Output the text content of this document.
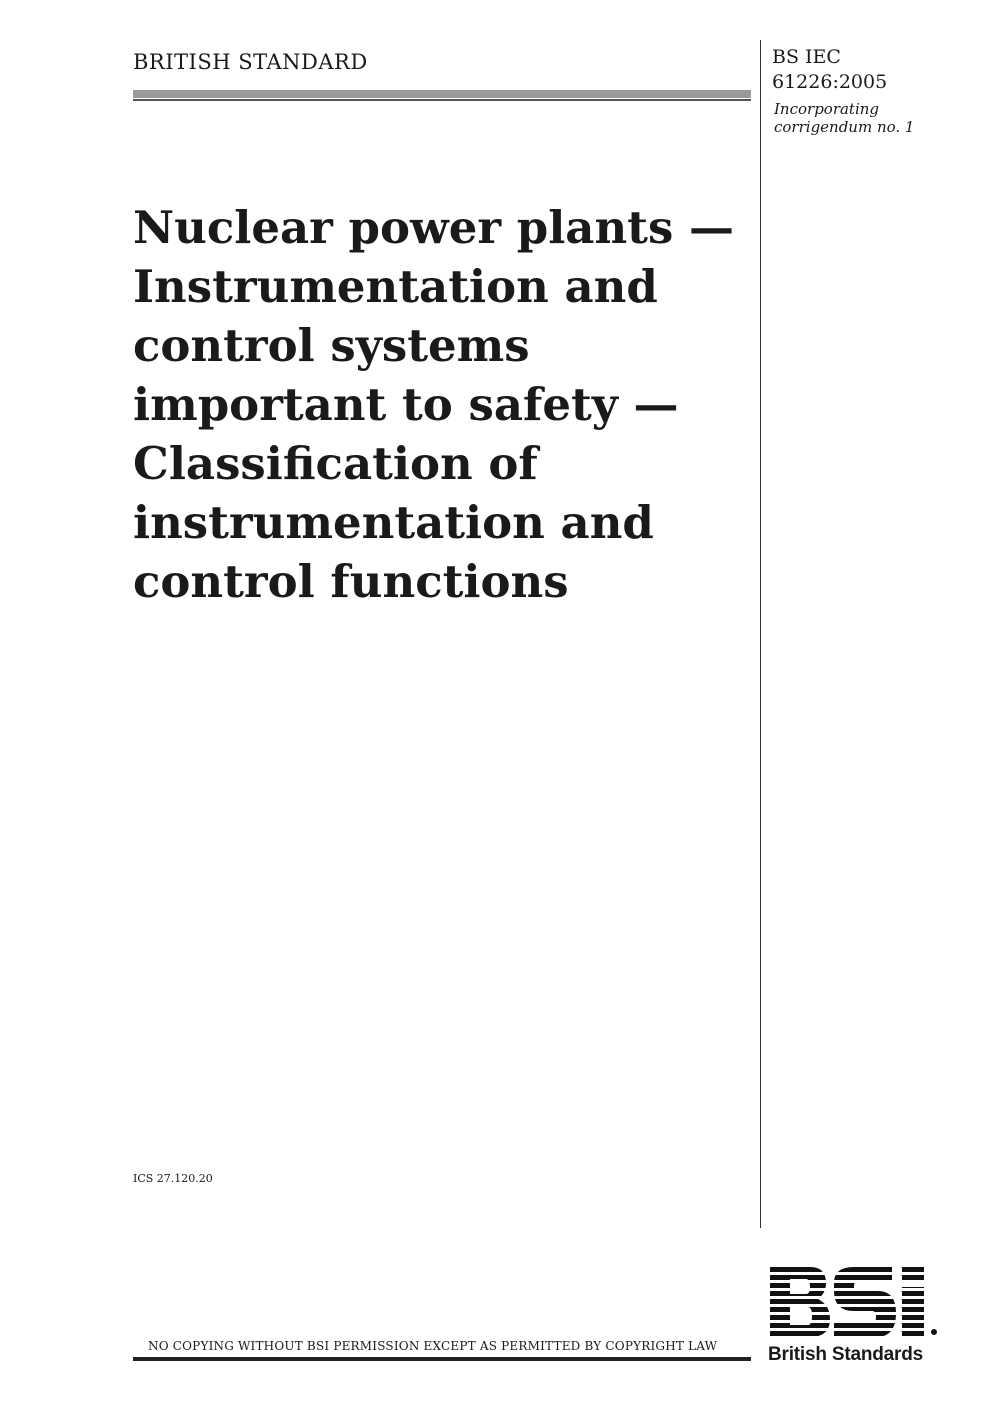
BRITISH STANDARD	BS IEC
61226:2005
Incorporating
corrigendum no. 1
Nuclear power plants —
Instrumentation and
control systems
important to safety —
Classification of
instrumentation and
control functions
ICS 27.120.20
NO COPYING WITHOUT BSI PERMISSION EXCEPT AS PERMITTED BY COPYRIGHT LAW	British Standards
